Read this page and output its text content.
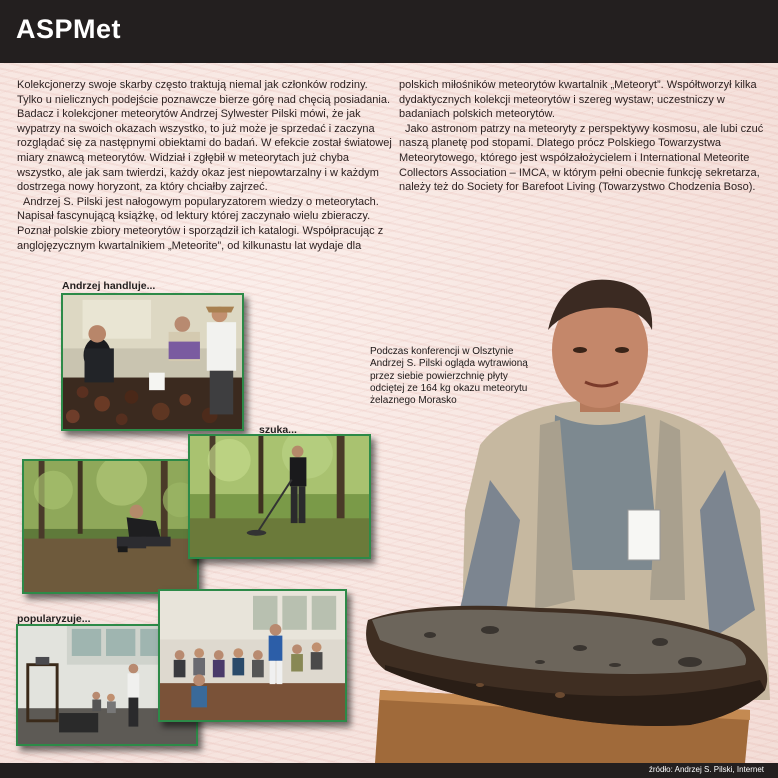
ASPMet

Kolekcjonerzy swoje skarby często traktują niemal jak członków rodziny. Tylko u nielicznych podejście poznawcze bierze górę nad chęcią posiadania. Badacz i kolekcjoner meteorytów Andrzej Sylwester Pilski mówi, że jak wypatrzy na swoich okazach wszystko, to już może je sprzedać i zaczyna rozglądać się za następnymi obiektami do badań. W efekcie został światowej miary znawcą meteorytów. Widział i zgłębił w meteorytach już chyba wszystko, ale jak sam twierdzi, każdy okaz jest niepowtarzalny i w każdym dostrzega nowy horyzont, za który chciałby zajrzeć.

Andrzej S. Pilski jest nałogowym popularyzatorem wiedzy o meteorytach. Napisał fascynującą książkę, od lektury której zaczynało wielu zbieraczy. Poznał polskie zbiory meteorytów i sporządził ich katalogi. Współpracując z anglojęzycznym kwartalnikiem „Meteorite”, od kilkunastu lat wydaje dla

polskich miłośników meteorytów kwartalnik „Meteoryt”. Współtworzył kilka dydaktycznych kolekcji meteorytów i szereg wystaw; uczestniczy w badaniach polskich meteorytów.

Jako astronom patrzy na meteoryty z perspektywy kosmosu, ale lubi czuć naszą planetę pod stopami. Dlatego prócz Polskiego Towarzystwa Meteorytowego, którego jest współzałożycielem i International Meteorite Collectors Association – IMCA, w którym pełni obecnie funkcję sekretarza, należy też do Society for Barefoot Living (Towarzystwo Chodzenia Boso).

Andrzej handluje...
szuka...
popularyzuje...
Podczas konferencji w Olsztynie Andrzej S. Pilski ogląda wytrawioną przez siebie powierzchnię płyty odciętej ze 164 kg okazu meteorytu żelaznego Morasko
źródło: Andrzej S. Pilski, Internet
